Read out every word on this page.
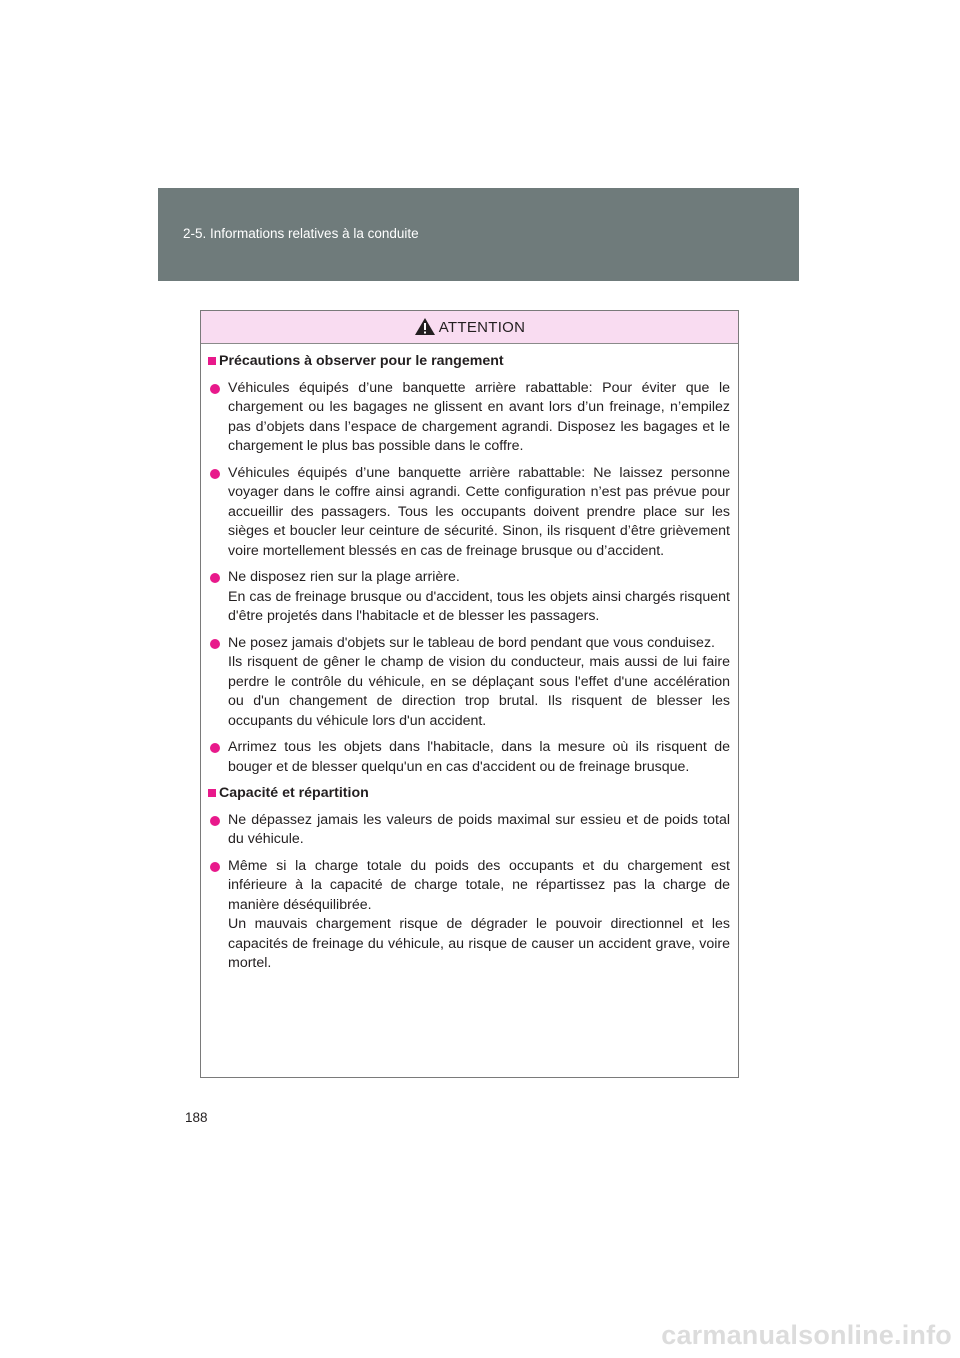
2-5. Informations relatives à la conduite
ATTENTION
Précautions à observer pour le rangement

Véhicules équipés d’une banquette arrière rabattable: Pour éviter que le chargement ou les bagages ne glissent en avant lors d’un freinage, n’empilez pas d’objets dans l’espace de chargement agrandi. Disposez les bagages et le chargement le plus bas possible dans le coffre.

Véhicules équipés d’une banquette arrière rabattable: Ne laissez personne voyager dans le coffre ainsi agrandi. Cette configuration n’est pas prévue pour accueillir des passagers. Tous les occupants doivent prendre place sur les sièges et boucler leur ceinture de sécurité. Sinon, ils risquent d’être grièvement voire mortellement blessés en cas de freinage brusque ou d’accident.

Ne disposez rien sur la plage arrière.

En cas de freinage brusque ou d'accident, tous les objets ainsi chargés risquent d'être projetés dans l'habitacle et de blesser les passagers.

Ne posez jamais d'objets sur le tableau de bord pendant que vous conduisez.

Ils risquent de gêner le champ de vision du conducteur, mais aussi de lui faire perdre le contrôle du véhicule, en se déplaçant sous l'effet d'une accélération ou d'un changement de direction trop brutal. Ils risquent de blesser les occupants du véhicule lors d'un accident.

Arrimez tous les objets dans l'habitacle, dans la mesure où ils risquent de bouger et de blesser quelqu'un en cas d'accident ou de freinage brusque.

Capacité et répartition

Ne dépassez jamais les valeurs de poids maximal sur essieu et de poids total du véhicule.

Même si la charge totale du poids des occupants et du chargement est inférieure à la capacité de charge totale, ne répartissez pas la charge de manière déséquilibrée.

Un mauvais chargement risque de dégrader le pouvoir directionnel et les capacités de freinage du véhicule, au risque de causer un accident grave, voire mortel.

188
carmanualsonline.info
